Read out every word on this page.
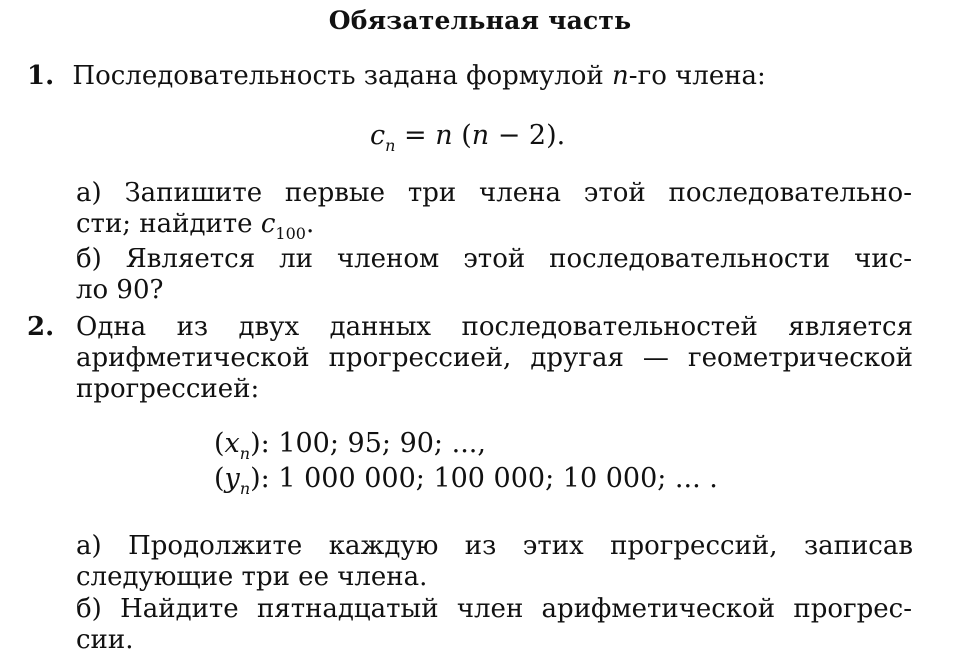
Обязательная часть
1. Последовательность задана формулой n-го члена:
$c_n = n$ (n − 2).
а) Запишите первые три члена этой последовательно-
сти; найдите $c_{100}$.
б) Является ли членом этой последовательности чис-
ло 90?
2. Одна из двух данных последовательностей является
арифметической прогрессией, другая — геометрической
прогрессией:
$(x_n)$: 100; 95; 90; ...,
$(y_n)$: 1 000 000; 100 000; 10 000; ... .
а) Продолжите каждую из этих прогрессий, записав
следующие три ее члена.
б) Найдите пятнадцатый член арифметической прогрес-
сии.
